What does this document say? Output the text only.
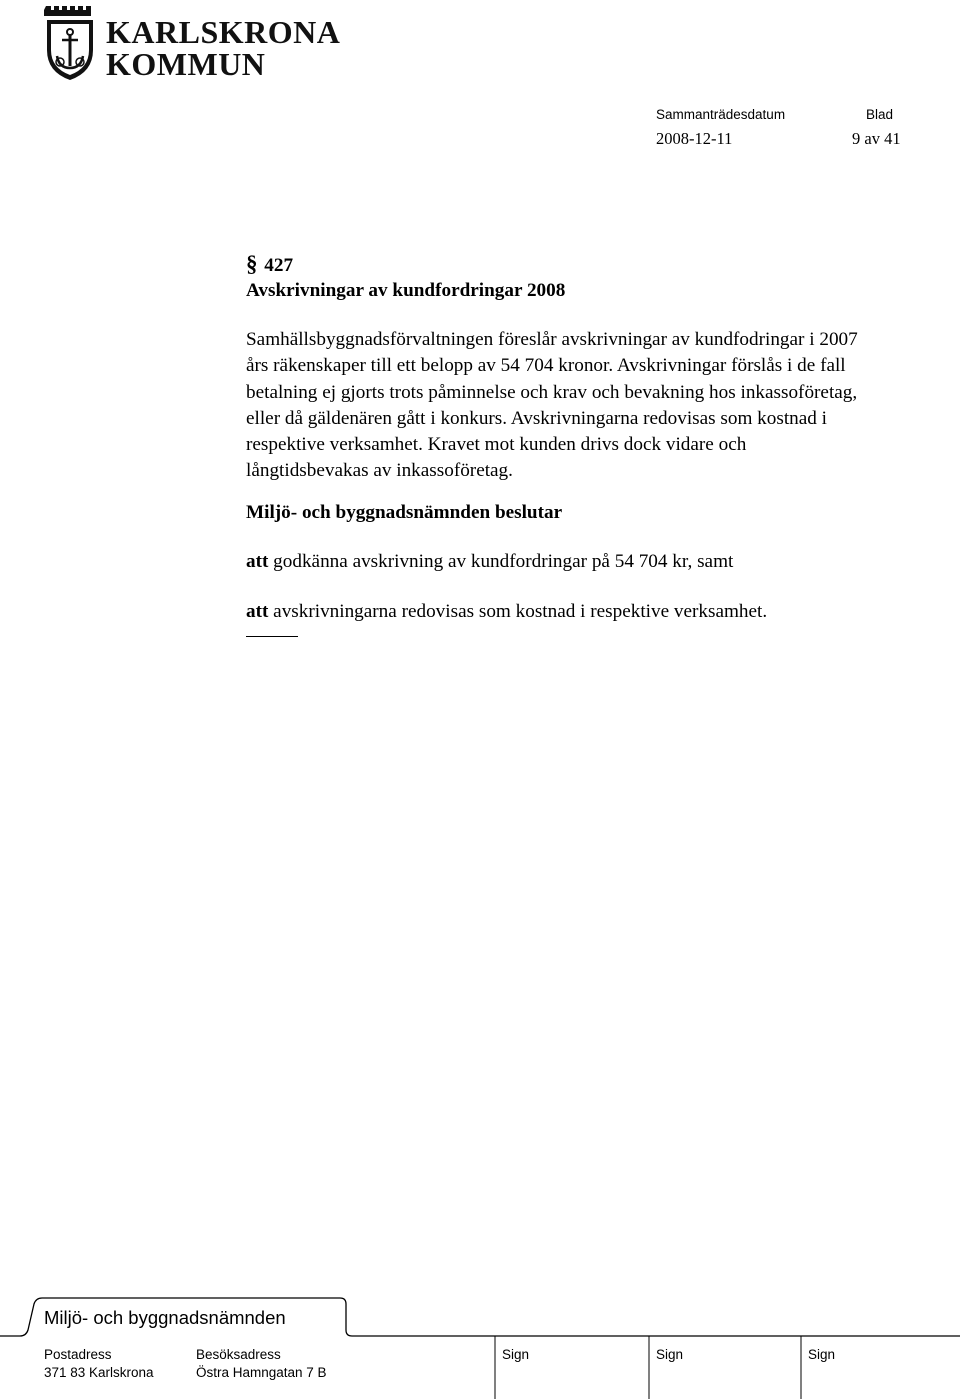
KARLSKRONA
KOMMUN
Sammanträdesdatum	Blad
2008-12-11	9 av 41
§ 427
Avskrivningar av kundfordringar 2008
Samhällsbyggnadsförvaltningen föreslår avskrivningar av kundfodringar i 2007
års räkenskaper till ett belopp av 54 704 kronor. Avskrivningar förslås i de fall
betalning ej gjorts trots påminnelse och krav och bevakning hos inkassoföretag,
eller då gäldenären gått i konkurs. Avskrivningarna redovisas som kostnad i
respektive verksamhet. Kravet mot kunden drivs dock vidare och
långtidsbevakas av inkassoföretag.
Miljö- och byggnadsnämnden beslutar
att godkänna avskrivning av kundfordringar på 54 704 kr, samt
att avskrivningarna redovisas som kostnad i respektive verksamhet.
Miljö- och byggnadsnämnden
Postadress	Besöksadress	Sign	Sign	Sign
371 83 Karlskrona	Östra Hamngatan 7 B
